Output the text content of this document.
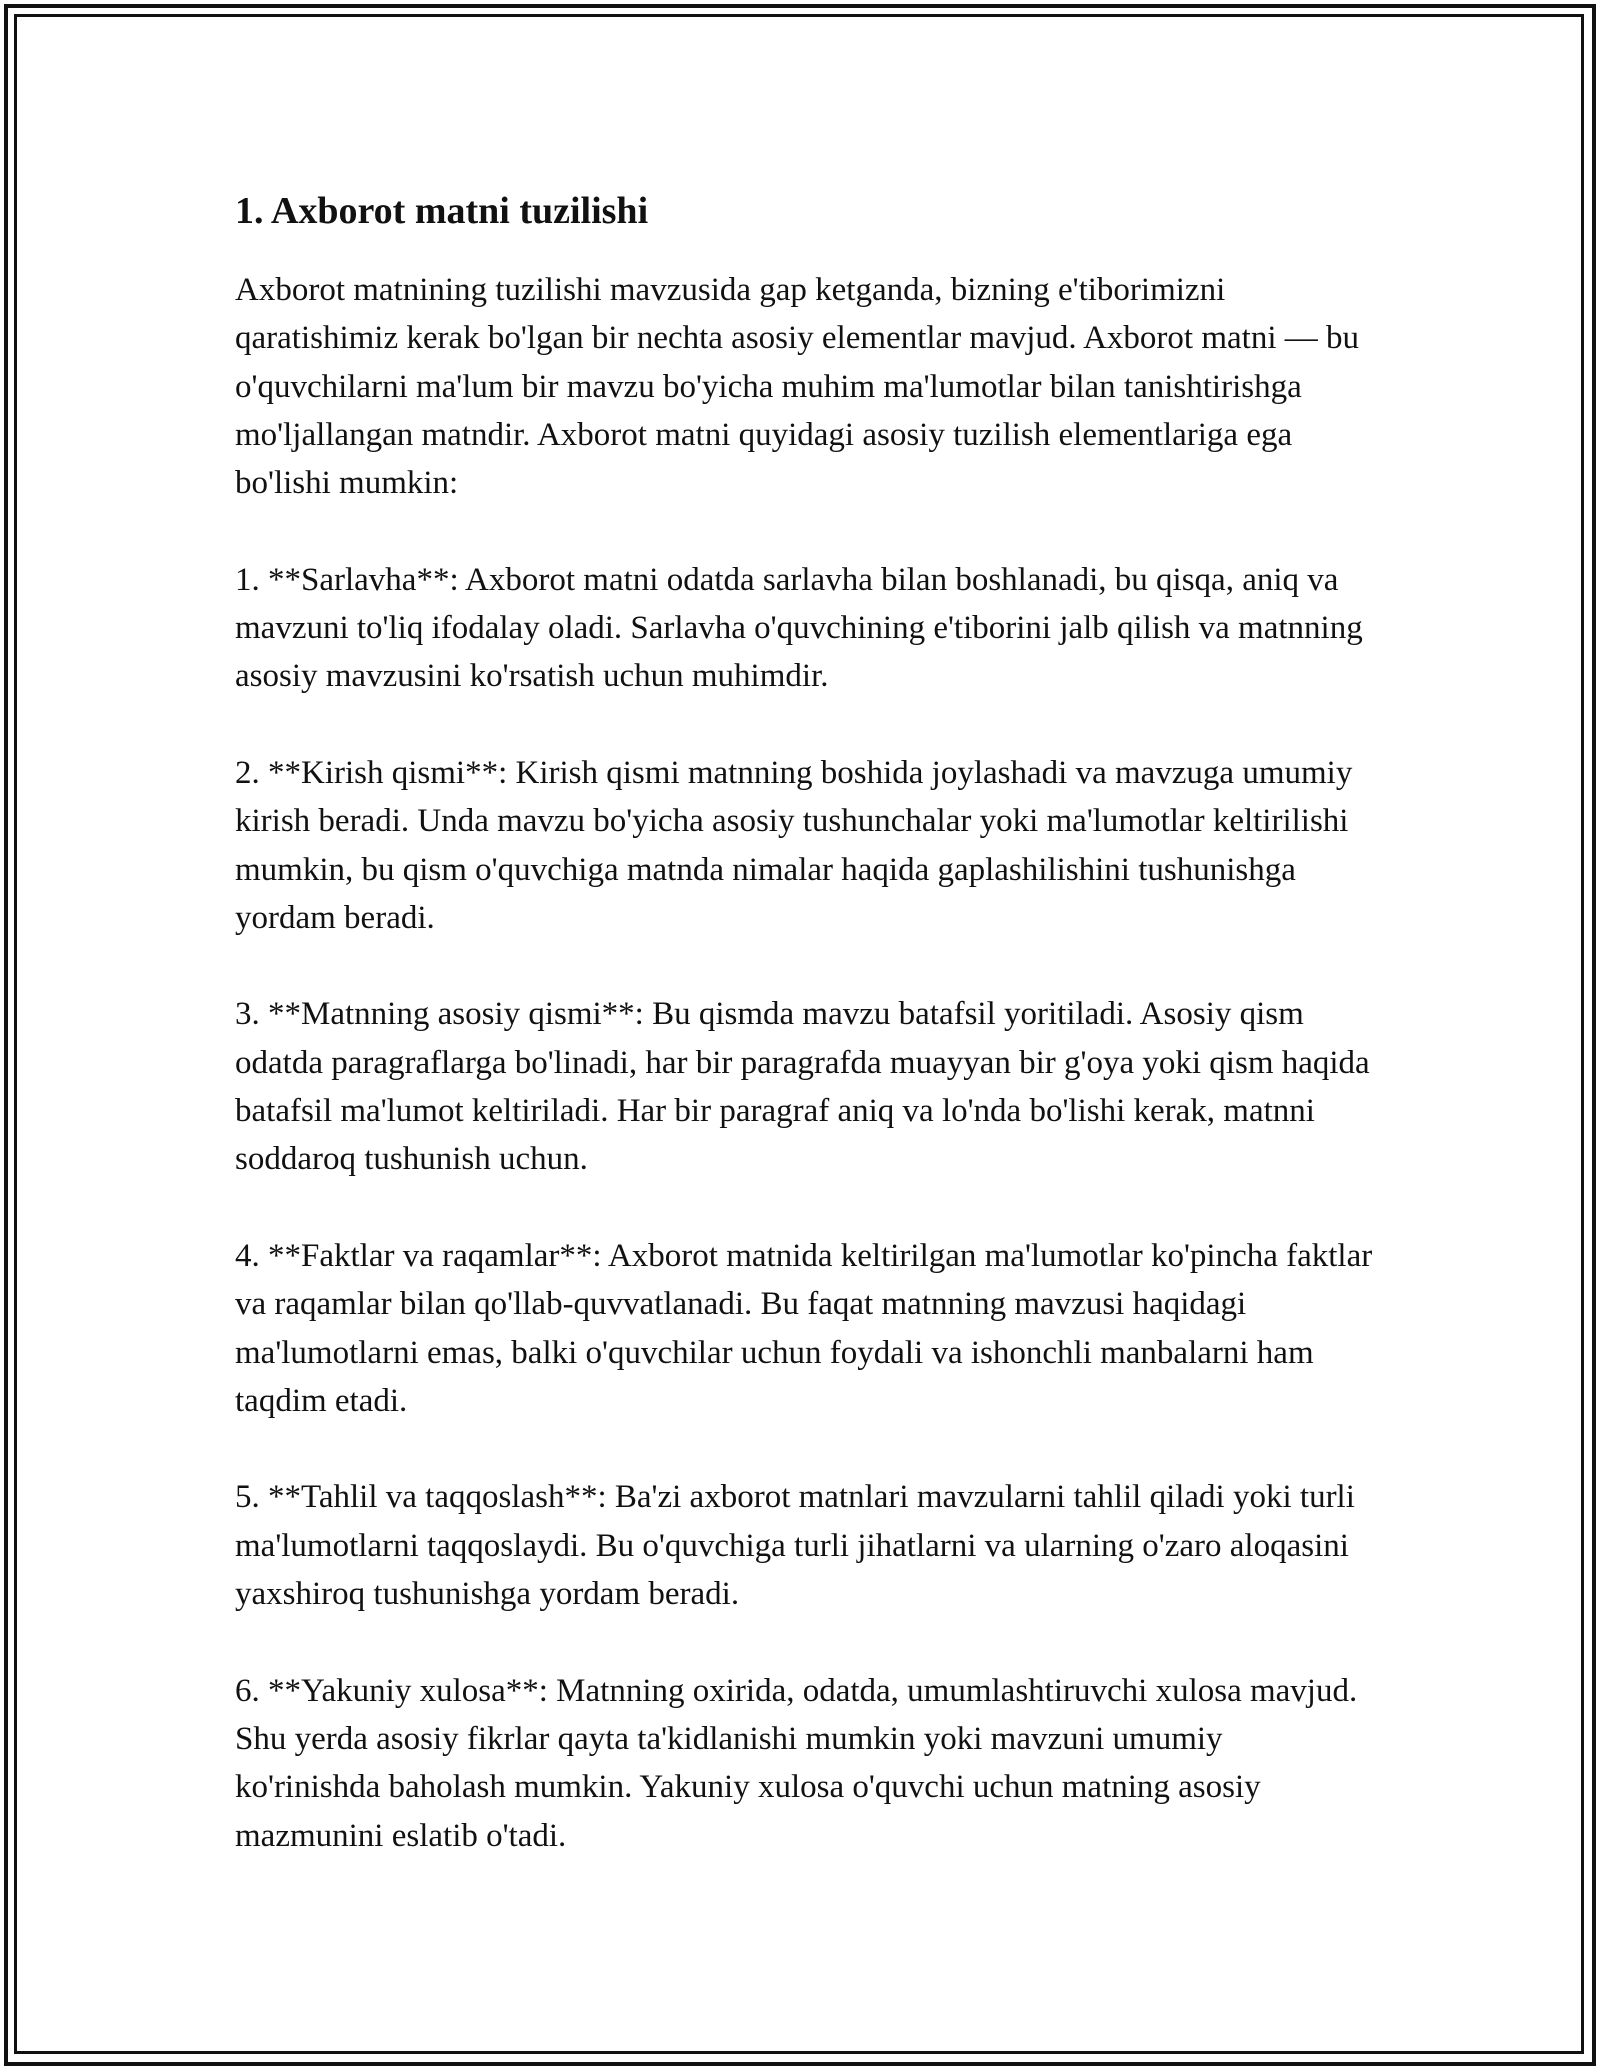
1. Axborot matni tuzilishi

Axborot matnining tuzilishi mavzusida gap ketganda, bizning e'tiborimizni qaratishimiz kerak bo'lgan bir nechta asosiy elementlar mavjud. Axborot matni — bu o'quvchilarni ma'lum bir mavzu bo'yicha muhim ma'lumotlar bilan tanishtirishga mo'ljallangan matndir. Axborot matni quyidagi asosiy tuzilish elementlariga ega bo'lishi mumkin:

1. **Sarlavha**: Axborot matni odatda sarlavha bilan boshlanadi, bu qisqa, aniq va mavzuni to'liq ifodalay oladi. Sarlavha o'quvchining e'tiborini jalb qilish va matnning asosiy mavzusini ko'rsatish uchun muhimdir.

2. **Kirish qismi**: Kirish qismi matnning boshida joylashadi va mavzuga umumiy kirish beradi. Unda mavzu bo'yicha asosiy tushunchalar yoki ma'lumotlar keltirilishi mumkin, bu qism o'quvchiga matnda nimalar haqida gaplashilishini tushunishga yordam beradi.

3. **Matnning asosiy qismi**: Bu qismda mavzu batafsil yoritiladi. Asosiy qism odatda paragraflarga bo'linadi, har bir paragrafda muayyan bir g'oya yoki qism haqida batafsil ma'lumot keltiriladi. Har bir paragraf aniq va lo'nda bo'lishi kerak, matnni soddaroq tushunish uchun.

4. **Faktlar va raqamlar**: Axborot matnida keltirilgan ma'lumotlar ko'pincha faktlar va raqamlar bilan qo'llab-quvvatlanadi. Bu faqat matnning mavzusi haqidagi ma'lumotlarni emas, balki o'quvchilar uchun foydali va ishonchli manbalarni ham taqdim etadi.

5. **Tahlil va taqqoslash**: Ba'zi axborot matnlari mavzularni tahlil qiladi yoki turli ma'lumotlarni taqqoslaydi. Bu o'quvchiga turli jihatlarni va ularning o'zaro aloqasini yaxshiroq tushunishga yordam beradi.

6. **Yakuniy xulosa**: Matnning oxirida, odatda, umumlashtiruvchi xulosa mavjud. Shu yerda asosiy fikrlar qayta ta'kidlanishi mumkin yoki mavzuni umumiy ko'rinishda baholash mumkin. Yakuniy xulosa o'quvchi uchun matning asosiy mazmunini eslatib o'tadi.
